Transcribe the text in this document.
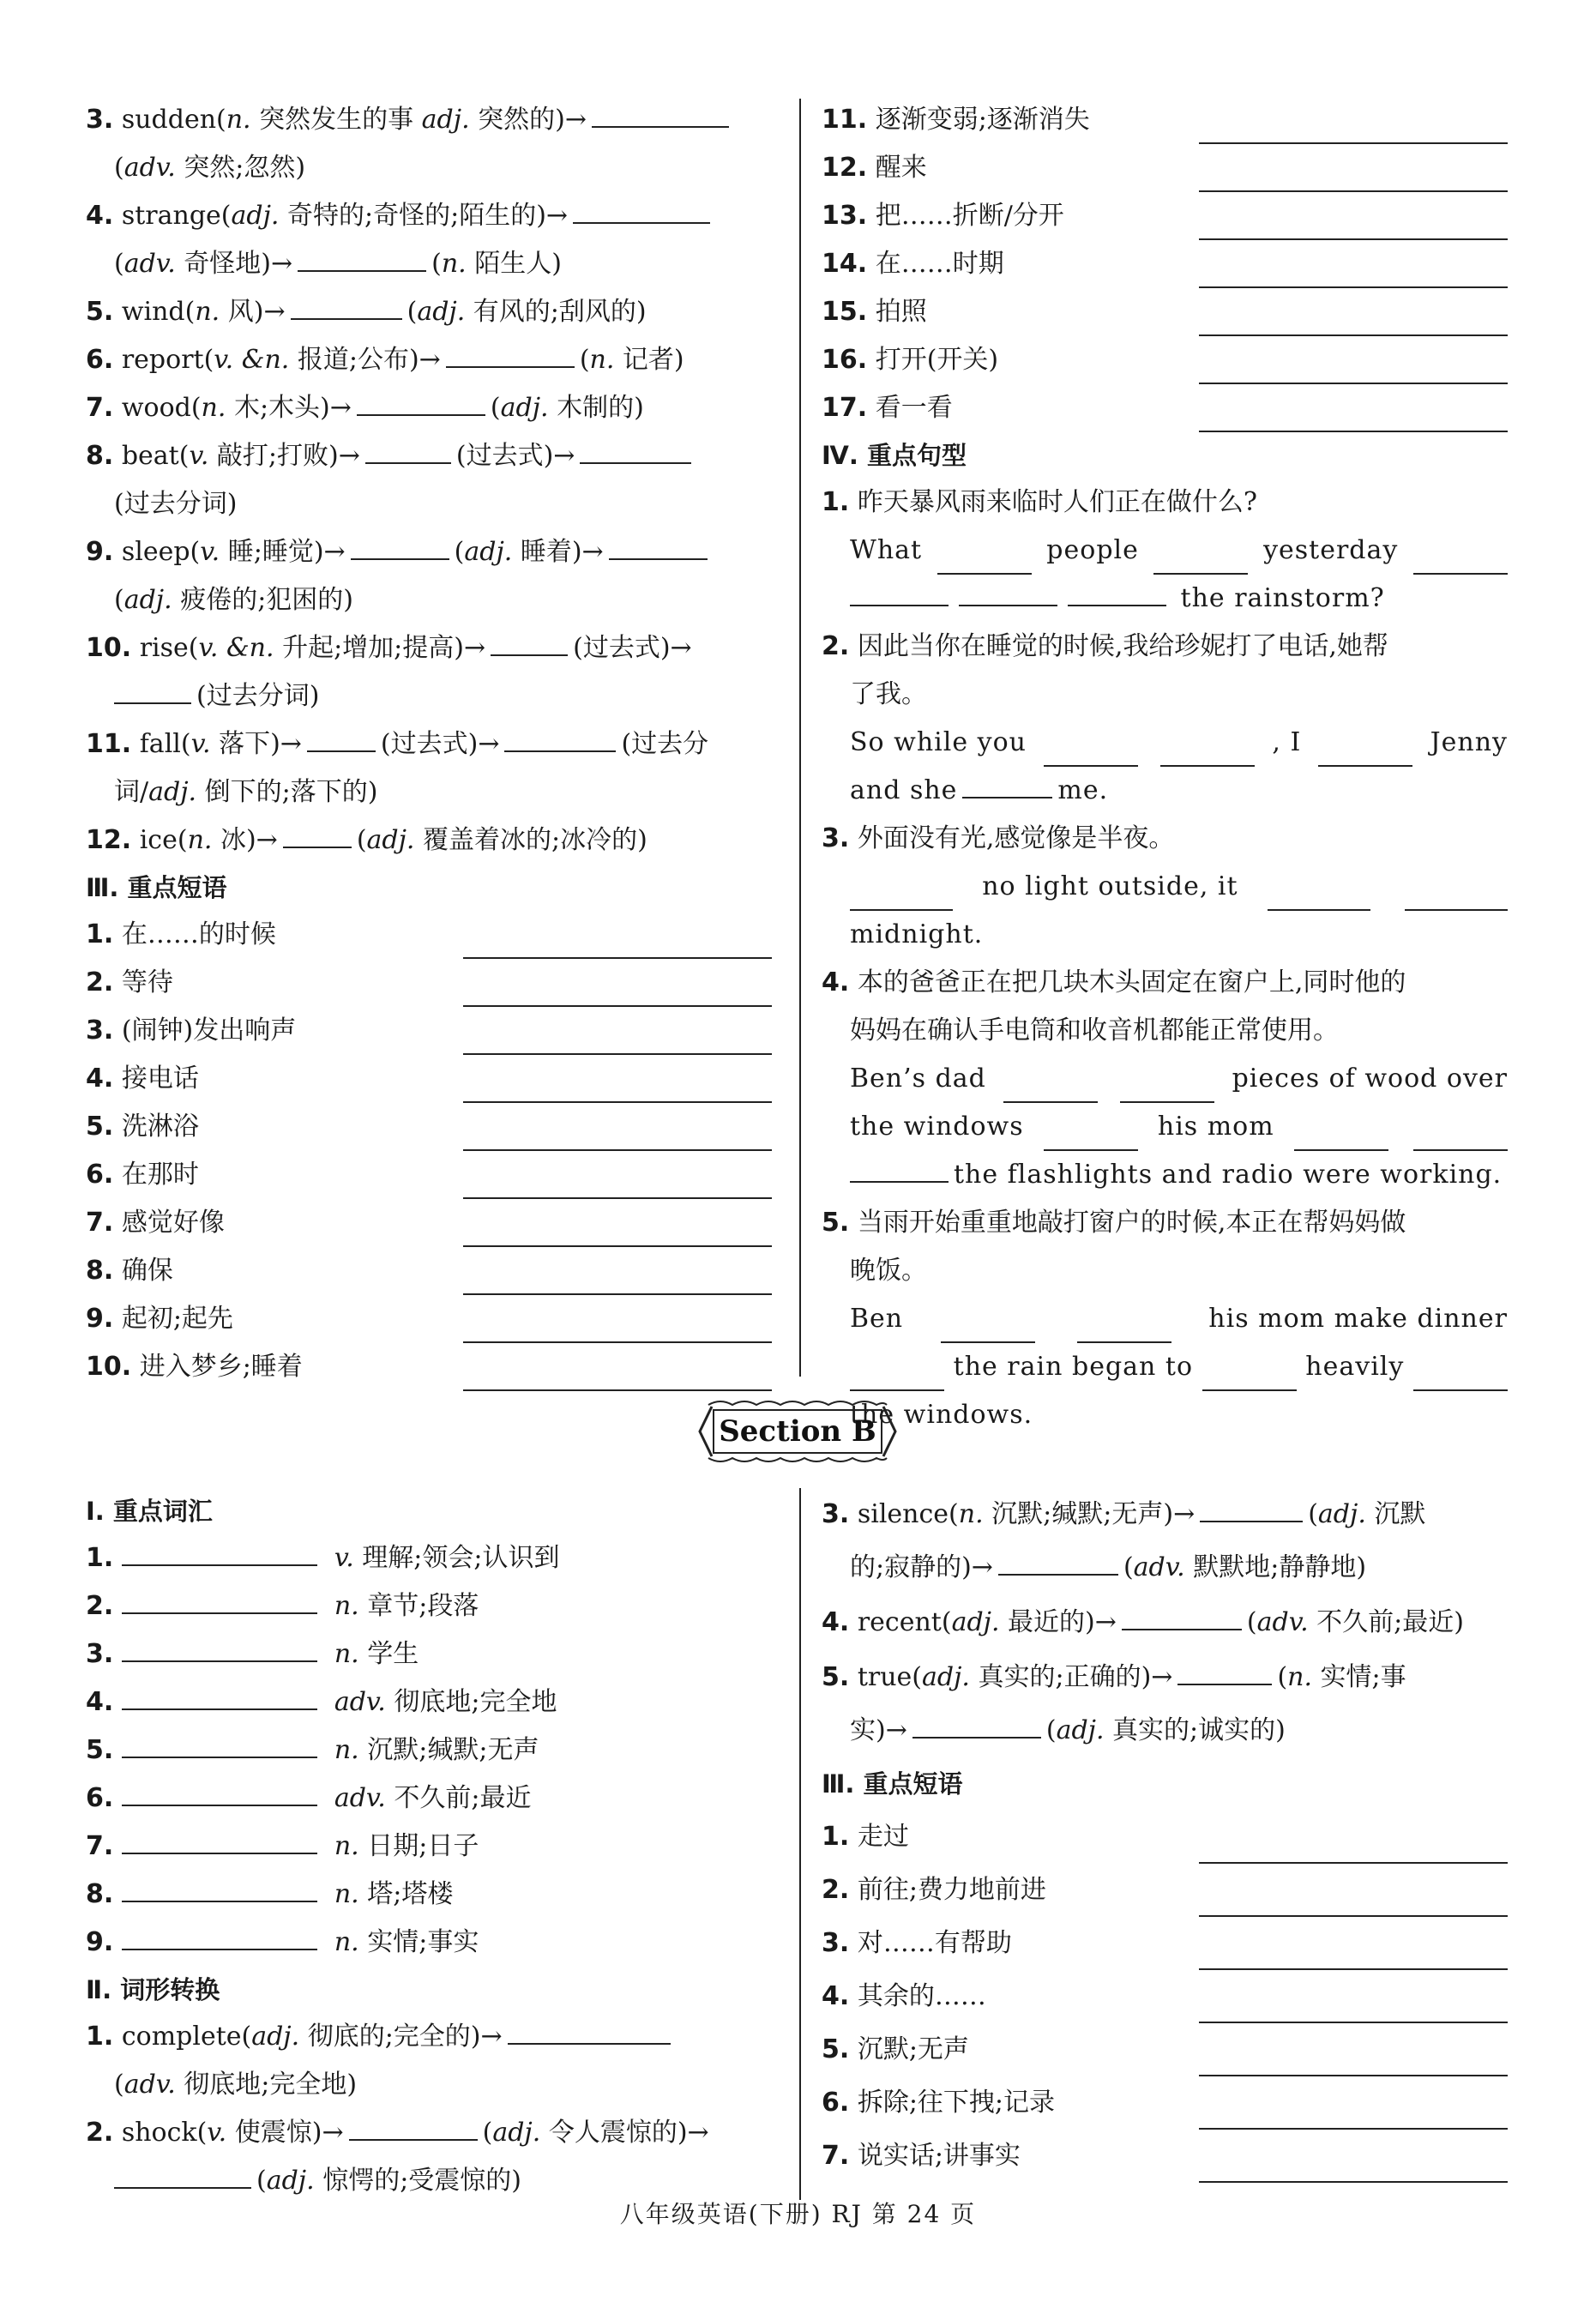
3. sudden(n. 突然发生的事 adj. 突然的)→
(adv. 突然;忽然)
4. strange(adj. 奇特的;奇怪的;陌生的)→
(adv. 奇怪地)→	(n. 陌生人)
5. wind(n. 风)→	(adj. 有风的;刮风的)
6. report(v. &n. 报道;公布)→	(n. 记者)
7. wood(n. 木;木头)→	(adj. 木制的)
8. beat(v. 敲打;打败)→	(过去式)→
(过去分词)
9. sleep(v. 睡;睡觉)→	(adj. 睡着)→
(adj. 疲倦的;犯困的)
10. rise(v. &n. 升起;增加;提高)→	(过去式)→
(过去分词)
11. fall(v. 落下)→	(过去式)→	(过去分
词/adj. 倒下的;落下的)
12. ice(n. 冰)→	(adj. 覆盖着冰的;冰冷的)
Ⅲ. 重点短语
1. 在……的时候
2. 等待
3. (闹钟)发出响声
4. 接电话
5. 洗淋浴
6. 在那时
7. 感觉好像
8. 确保
9. 起初;起先
10. 进入梦乡;睡着
11. 逐渐变弱;逐渐消失
12. 醒来
13. 把……折断/分开
14. 在……时期
15. 拍照
16. 打开(开关)
17. 看一看
Ⅳ. 重点句型
1. 昨天暴风雨来临时人们正在做什么?
What	people	yesterday
the rainstorm?
2. 因此当你在睡觉的时候,我给珍妮打了电话,她帮
了我。
So while you	, I	Jenny
and she	me.
3. 外面没有光,感觉像是半夜。
no light outside, it
midnight.
4. 本的爸爸正在把几块木头固定在窗户上,同时他的
妈妈在确认手电筒和收音机都能正常使用。
Ben’s dad	pieces of wood over
the windows	his mom
the flashlights and radio were working.
5. 当雨开始重重地敲打窗户的时候,本正在帮妈妈做
晚饭。
Ben	his mom make dinner
the rain began to	heavily
the windows.
Section B
Ⅰ. 重点词汇
1.	v. 理解;领会;认识到
2.	n. 章节;段落
3.	n. 学生
4.	adv. 彻底地;完全地
5.	n. 沉默;缄默;无声
6.	adv. 不久前;最近
7.	n. 日期;日子
8.	n. 塔;塔楼
9.	n. 实情;事实
Ⅱ. 词形转换
1. complete(adj. 彻底的;完全的)→
(adv. 彻底地;完全地)
2. shock(v. 使震惊)→	(adj. 令人震惊的)→
(adj. 惊愕的;受震惊的)
3. silence(n. 沉默;缄默;无声)→	(adj. 沉默
的;寂静的)→	(adv. 默默地;静静地)
4. recent(adj. 最近的)→	(adv. 不久前;最近)
5. true(adj. 真实的;正确的)→	(n. 实情;事
实)→	(adj. 真实的;诚实的)
Ⅲ. 重点短语
1. 走过
2. 前往;费力地前进
3. 对……有帮助
4. 其余的……
5. 沉默;无声
6. 拆除;往下拽;记录
7. 说实话;讲事实
八年级英语(下册) RJ 第 24 页
